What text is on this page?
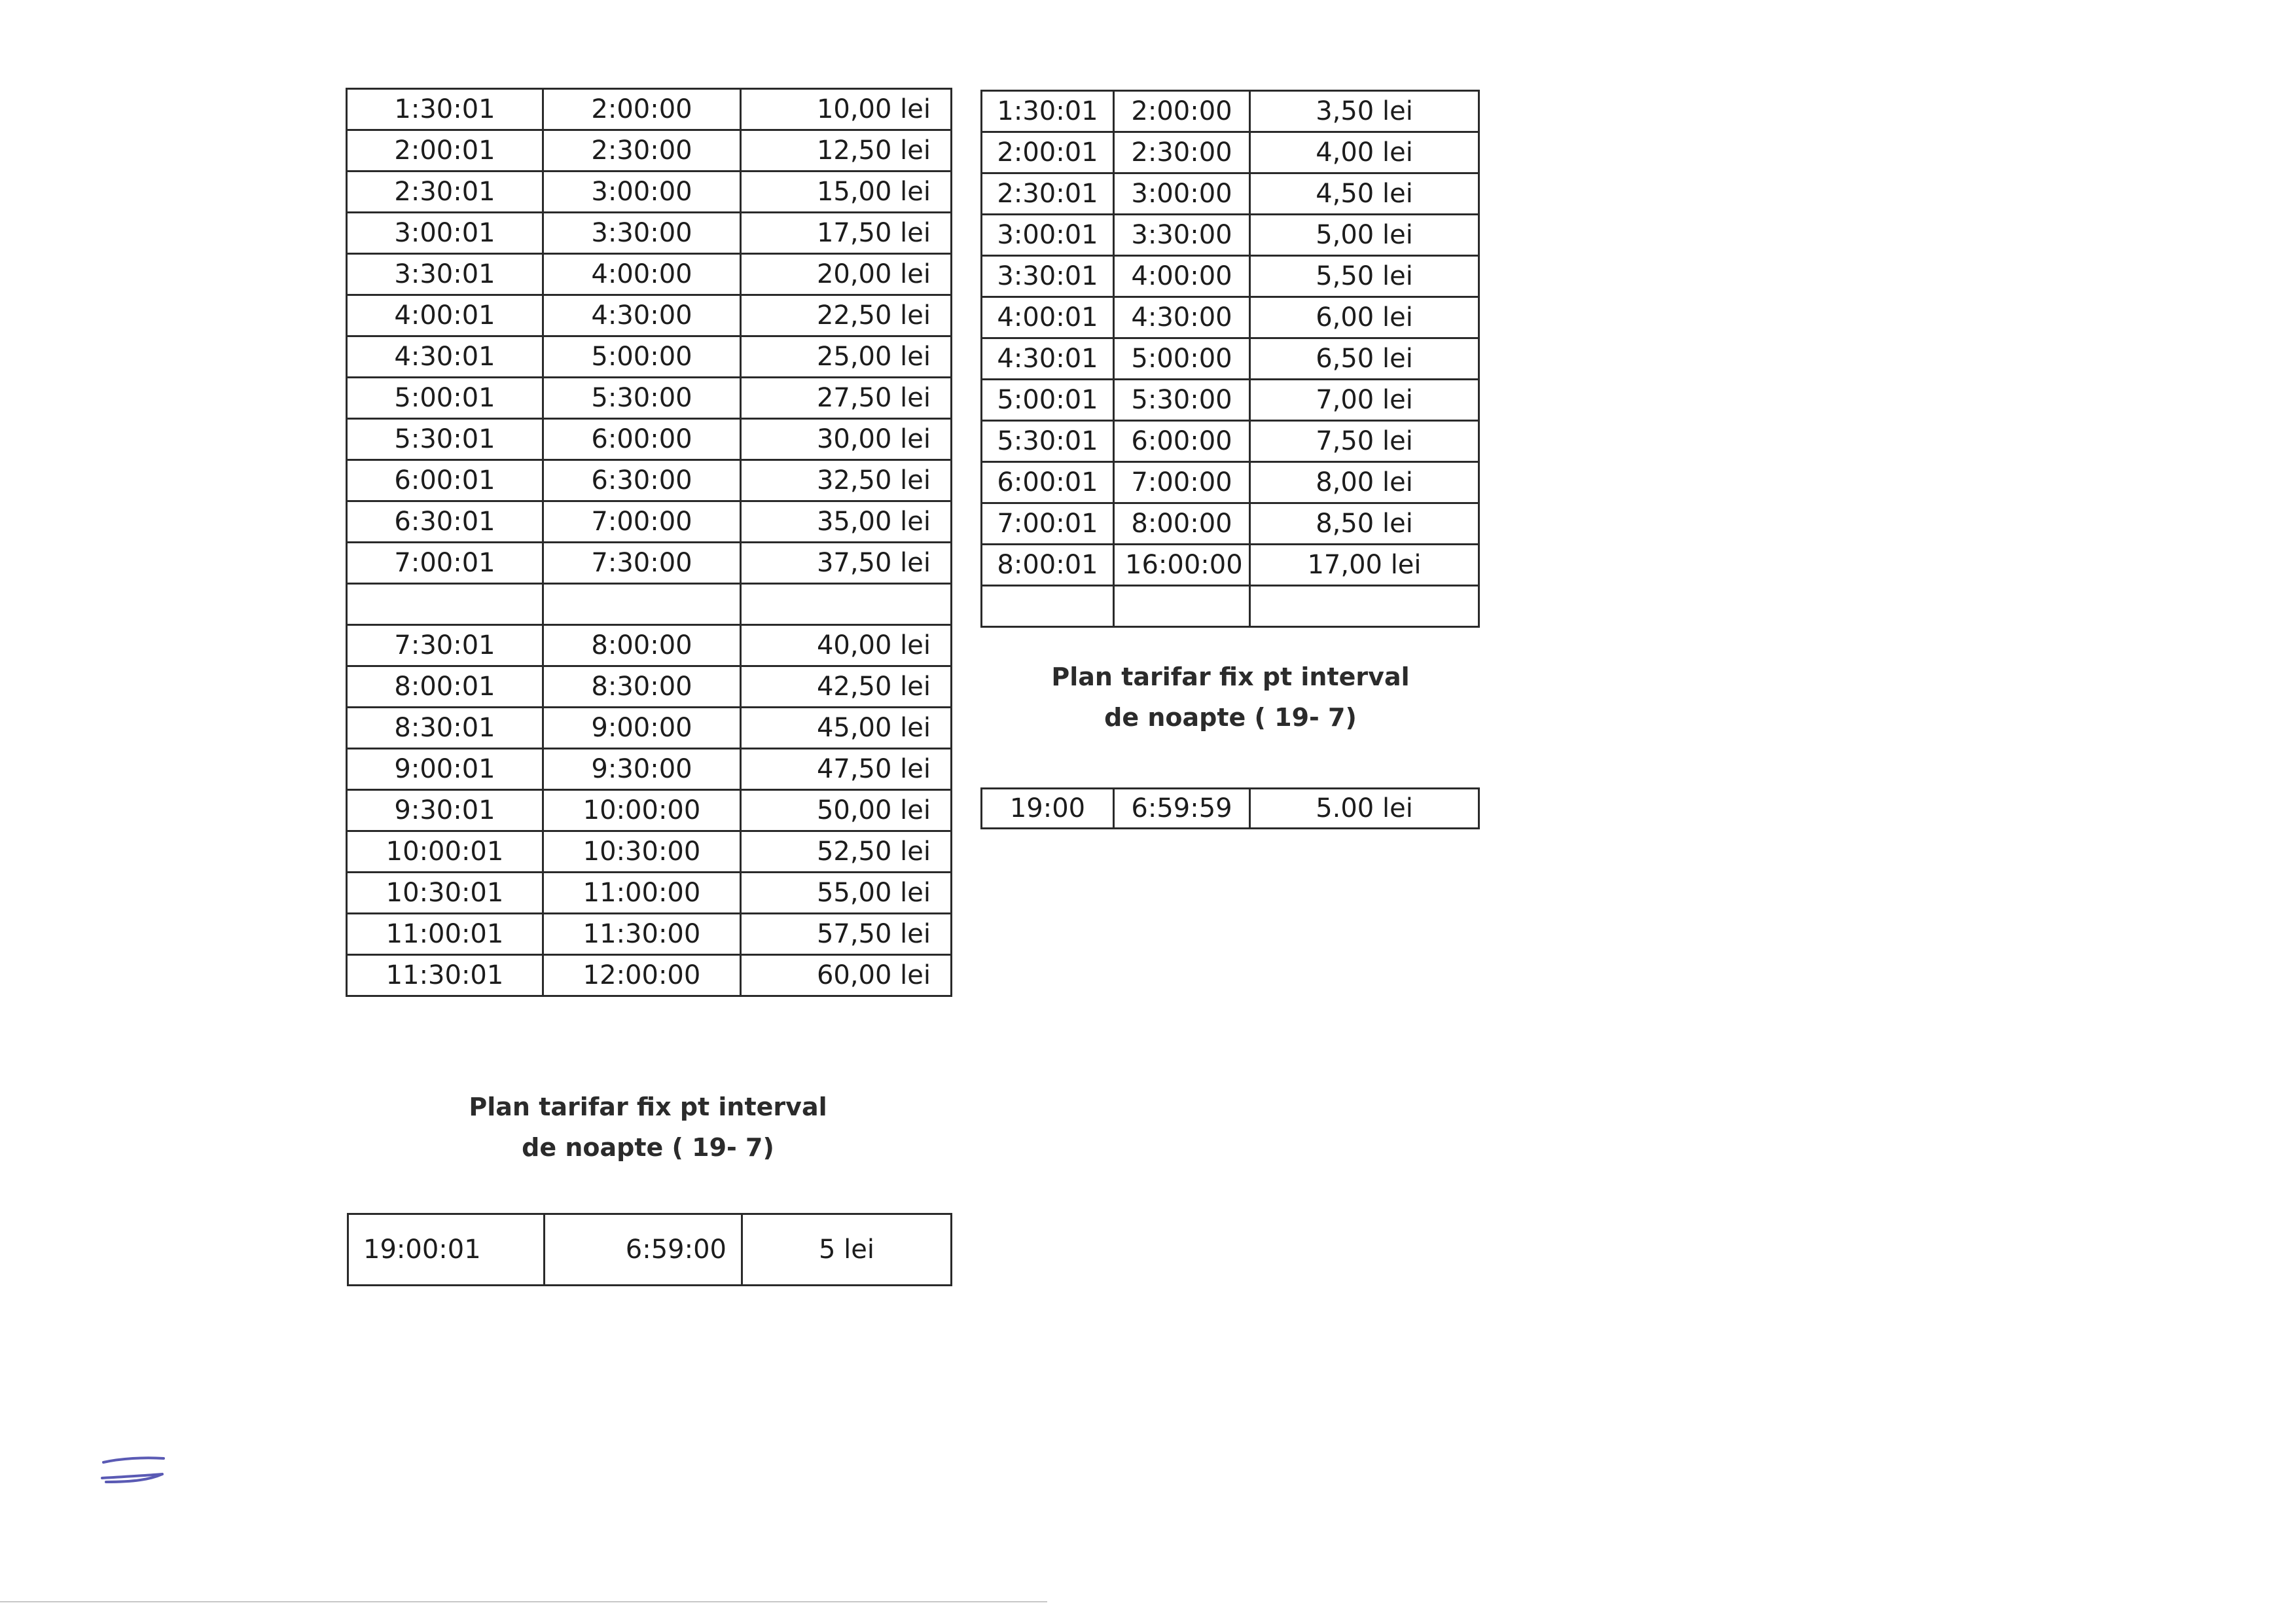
1:30:01	2:00:00	10,00 lei
2:00:01	2:30:00	12,50 lei
2:30:01	3:00:00	15,00 lei
3:00:01	3:30:00	17,50 lei
3:30:01	4:00:00	20,00 lei
4:00:01	4:30:00	22,50 lei
4:30:01	5:00:00	25,00 lei
5:00:01	5:30:00	27,50 lei
5:30:01	6:00:00	30,00 lei
6:00:01	6:30:00	32,50 lei
6:30:01	7:00:00	35,00 lei
7:00:01	7:30:00	37,50 lei

7:30:01	8:00:00	40,00 lei
8:00:01	8:30:00	42,50 lei
8:30:01	9:00:00	45,00 lei
9:00:01	9:30:00	47,50 lei
9:30:01	10:00:00	50,00 lei
10:00:01	10:30:00	52,50 lei
10:30:01	11:00:00	55,00 lei
11:00:01	11:30:00	57,50 lei
11:30:01	12:00:00	60,00 lei
1:30:01	2:00:00	3,50 lei
2:00:01	2:30:00	4,00 lei
2:30:01	3:00:00	4,50 lei
3:00:01	3:30:00	5,00 lei
3:30:01	4:00:00	5,50 lei
4:00:01	4:30:00	6,00 lei
4:30:01	5:00:00	6,50 lei
5:00:01	5:30:00	7,00 lei
5:30:01	6:00:00	7,50 lei
6:00:01	7:00:00	8,00 lei
7:00:01	8:00:00	8,50 lei
8:00:01	16:00:00	17,00 lei

Plan tarifar fix pt interval
de noapte ( 19- 7)
19:00	6:59:59	5.00 lei
Plan tarifar fix pt interval
de noapte ( 19- 7)
19:00:01	6:59:00	5 lei
